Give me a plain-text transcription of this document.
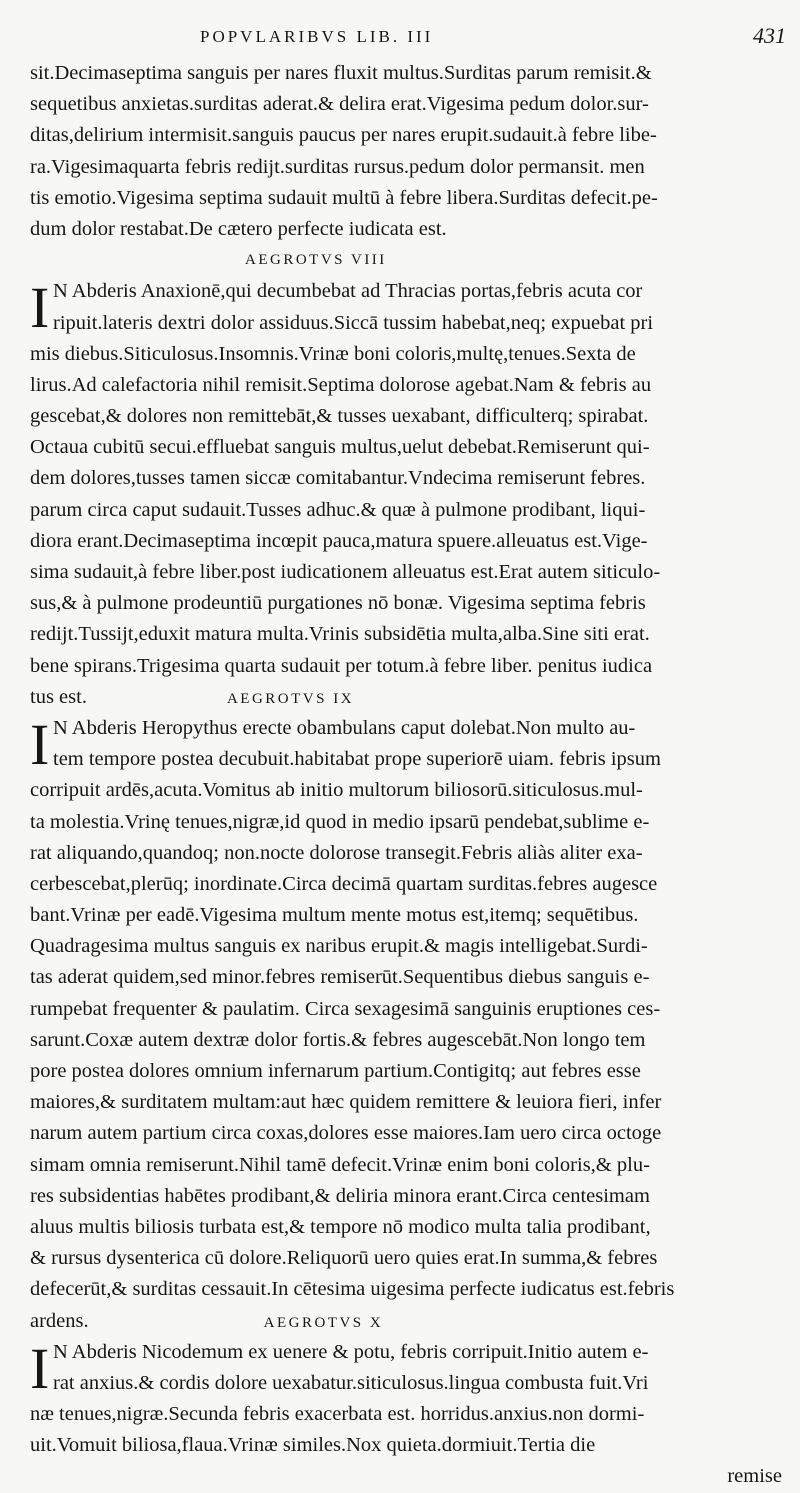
POPVLARIBVS LIB. III	431
sit.Decimaseptima sanguis per nares fluxit multus.Surditas parum remisit.&
sequetibus anxietas.surditas aderat.& delira erat.Vigesima pedum dolor.sur-
ditas,delirium intermisit.sanguis paucus per nares erupit.sudauit.à febre libe-
ra.Vigesimaquarta febris rediјt.surditas rursus.pedum dolor permansit. men
tis emotio.Vigesima septima sudauit multū à febre libera.Surditas defecit.pe-
dum dolor restabat.De cætero perfecte iudicata est.
AEGROTVS VIII
I N Abderis Anaxionē,qui decumbebat ad Thracias portas,febris acuta cor
ripuit.lateris dextri dolor assiduus.Siccā tussim habebat,neq; expuebat pri
mis diebus.Siticulosus.Insomnis.Vrinæ boni coloris,multę,tenues.Sexta de
lirus.Ad calefactoria nihil remisit.Septima dolorose agebat.Nam & febris au
gescebat,& dolores non remittebāt,& tusses uexabant, difficulterq; spirabat.
Octaua cubitū secui.effluebat sanguis multus,uelut debebat.Remiserunt qui-
dem dolores,tusses tamen siccæ comitabantur.Vndecima remiserunt febres.
parum circa caput sudauit.Tusses adhuc.& quæ à pulmone prodibant, liqui-
diora erant.Decimaseptima incœpit pauca,matura spuere.alleuatus est.Vige-
sima sudauit,à febre liber.post iudicationem alleuatus est.Erat autem siticulo-
sus,& à pulmone prodeuntiū purgationes nō bonæ. Vigesima septima febris
rediјt.Tussiјt,eduxit matura multa.Vrinis subsidētia multa,alba.Sine siti erat.
bene spirans.Trigesima quarta sudauit per totum.à febre liber. penitus iudica
tus est.	AEGROTVS IX
I N Abderis Heropythus erecte obambulans caput dolebat.Non multo au-
tem tempore postea decubuit.habitabat prope superiorē uiam. febris ipsum
corripuit ardēs,acuta.Vomitus ab initio multorum biliosorū.siticulosus.mul-
ta molestia.Vrinę tenues,nigræ,id quod in medio ipsarū pendebat,sublime e-
rat aliquando,quandoq; non.nocte dolorose transegit.Febris aliàs aliter exa-
cerbescebat,plerūq; inordinate.Circa decimā quartam surditas.febres augesce
bant.Vrinæ per eadē.Vigesima multum mente motus est,itemq; sequētibus.
Quadragesima multus sanguis ex naribus erupit.& magis intelligebat.Surdi-
tas aderat quidem,sed minor.febres remiserūt.Sequentibus diebus sanguis e-
rumpebat frequenter & paulatim. Circa sexagesimā sanguinis eruptiones ces-
sarunt.Coxæ autem dextræ dolor fortis.& febres augescebāt.Non longo tem
pore postea dolores omnium infernarum partium.Contigitq; aut febres esse
maiores,& surditatem multam:aut hæc quidem remittere & leuiora fieri, infer
narum autem partium circa coxas,dolores esse maiores.Iam uero circa octoge
simam omnia remiserunt.Nihil tamē defecit.Vrinæ enim boni coloris,& plu-
res subsidentias habētes prodibant,& deliria minora erant.Circa centesimam
aluus multis biliosis turbata est,& tempore nō modico multa talia prodibant,
& rursus dysenterica cū dolore.Reliquorū uero quies erat.In summa,& febres
defecerūt,& surditas cessauit.In cētesima uigesima perfecte iudicatus est.febris
ardens.	AEGROTVS X
I N Abderis Nicodemum ex uenere & potu, febris corripuit.Initio autem e-
rat anxius.& cordis dolore uexabatur.siticulosus.lingua combusta fuit.Vri
næ tenues,nigræ.Secunda febris exacerbata est. horridus.anxius.non dormi-
uit.Vomuit biliosa,flaua.Vrinæ similes.Nox quieta.dormiuit.Tertia die
remise
